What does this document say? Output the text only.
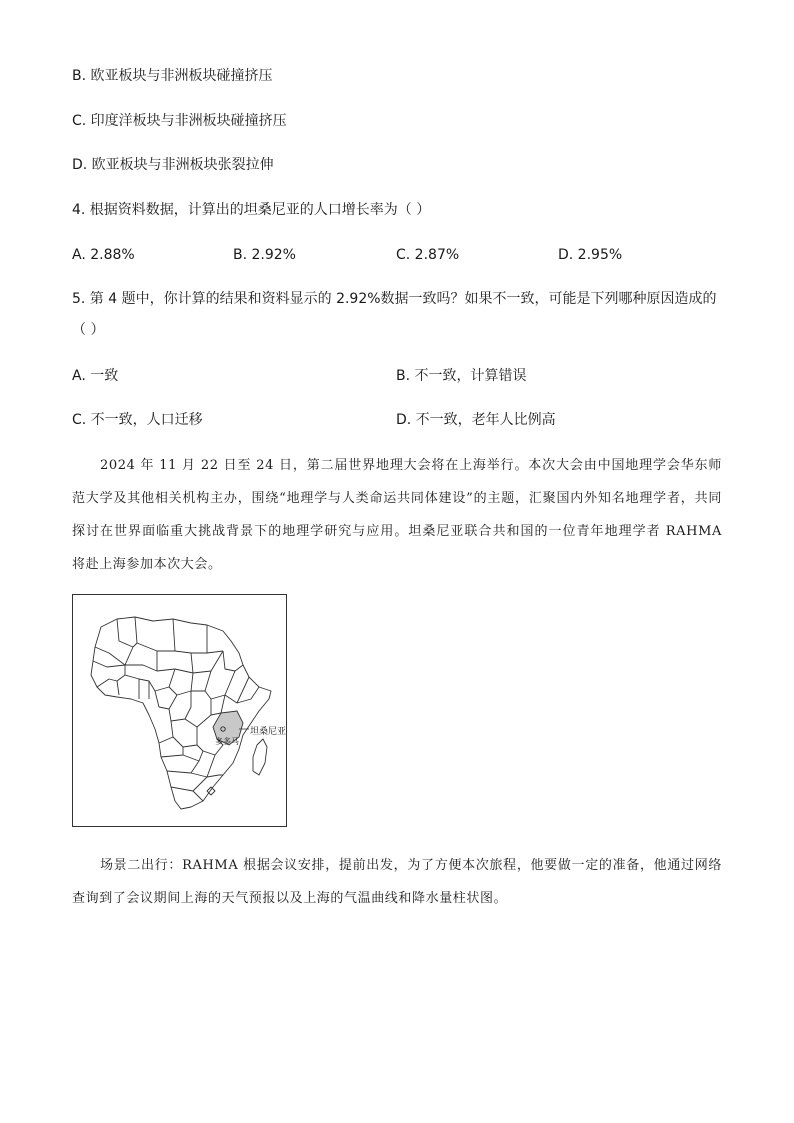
B. 欧亚板块与非洲板块碰撞挤压
C. 印度洋板块与非洲板块碰撞挤压
D. 欧亚板块与非洲板块张裂拉伸
4. 根据资料数据，计算出的坦桑尼亚的人口增长率为（ ）
A. 2.88%	B. 2.92%	C. 2.87%	D. 2.95%
5. 第 4 题中，你计算的结果和资料显示的 2.92%数据一致吗？如果不一致，可能是下列哪种原因造成的
（ ）
A. 一致	B. 不一致，计算错误
C. 不一致，人口迁移	D. 不一致，老年人比例高
2024 年 11 月 22 日至 24 日，第二届世界地理大会将在上海举行。本次大会由中国地理学会华东师范大学及其他相关机构主办，围绕“地理学与人类命运共同体建设”的主题，汇聚国内外知名地理学者，共同探讨在世界面临重大挑战背景下的地理学研究与应用。坦桑尼亚联合共和国的一位青年地理学者 RAHMA 将赴上海参加本次大会。
坦桑尼亚
多多马
场景二出行：RAHMA 根据会议安排，提前出发，为了方便本次旅程，他要做一定的准备，他通过网络查询到了会议期间上海的天气预报以及上海的气温曲线和降水量柱状图。
